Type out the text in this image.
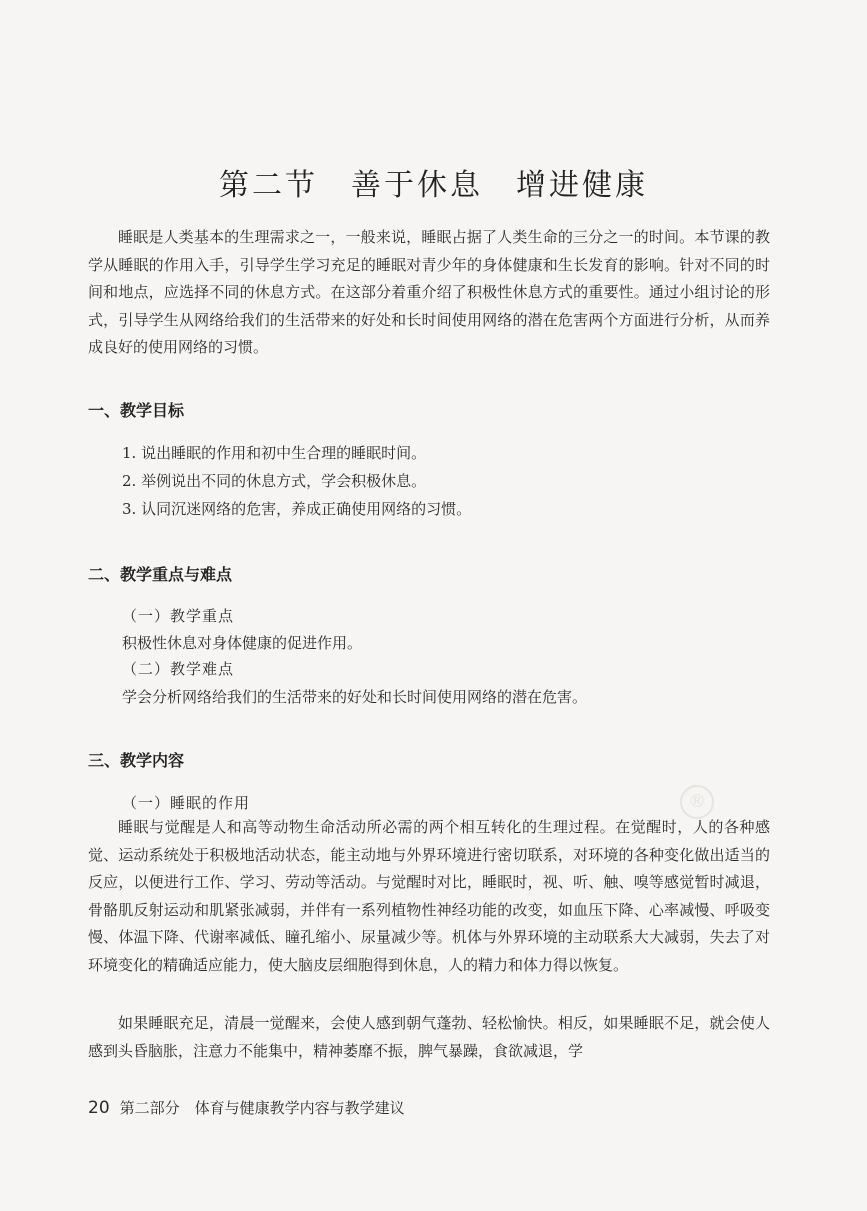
第二节　善于休息　增进健康
睡眠是人类基本的生理需求之一，一般来说，睡眠占据了人类生命的三分之一的时间。本节课的教学从睡眠的作用入手，引导学生学习充足的睡眠对青少年的身体健康和生长发育的影响。针对不同的时间和地点，应选择不同的休息方式。在这部分着重介绍了积极性休息方式的重要性。通过小组讨论的形式，引导学生从网络给我们的生活带来的好处和长时间使用网络的潜在危害两个方面进行分析，从而养成良好的使用网络的习惯。
一、教学目标
1. 说出睡眠的作用和初中生合理的睡眠时间。
2. 举例说出不同的休息方式，学会积极休息。
3. 认同沉迷网络的危害，养成正确使用网络的习惯。
二、教学重点与难点
（一）教学重点
积极性休息对身体健康的促进作用。
（二）教学难点
学会分析网络给我们的生活带来的好处和长时间使用网络的潜在危害。
三、教学内容
（一）睡眠的作用	®
睡眠与觉醒是人和高等动物生命活动所必需的两个相互转化的生理过程。在觉醒时，人的各种感觉、运动系统处于积极地活动状态，能主动地与外界环境进行密切联系，对环境的各种变化做出适当的反应，以便进行工作、学习、劳动等活动。与觉醒时对比，睡眠时，视、听、触、嗅等感觉暂时减退，骨骼肌反射运动和肌紧张减弱，并伴有一系列植物性神经功能的改变，如血压下降、心率减慢、呼吸变慢、体温下降、代谢率减低、瞳孔缩小、尿量减少等。机体与外界环境的主动联系大大减弱，失去了对环境变化的精确适应能力，使大脑皮层细胞得到休息，人的精力和体力得以恢复。
如果睡眠充足，清晨一觉醒来，会使人感到朝气蓬勃、轻松愉快。相反，如果睡眠不足，就会使人感到头昏脑胀，注意力不能集中，精神萎靡不振，脾气暴躁，食欲减退，学
20 第二部分　体育与健康教学内容与教学建议
